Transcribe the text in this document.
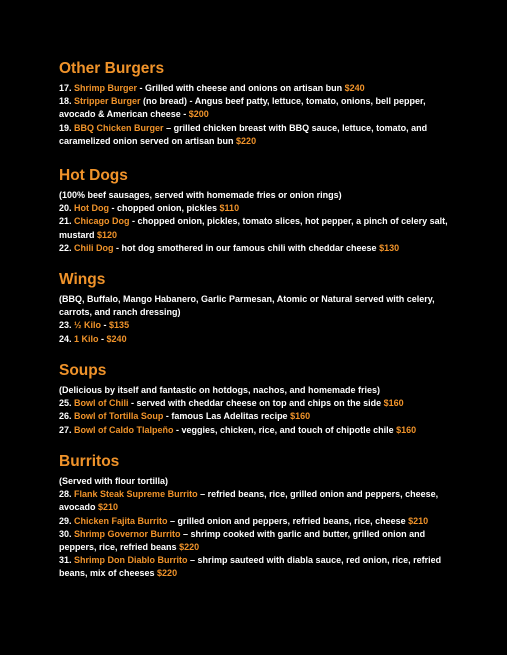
Other Burgers

17. Shrimp Burger - Grilled with cheese and onions on artisan bun $240

18. Stripper Burger (no bread) - Angus beef patty, lettuce, tomato, onions, bell pepper, avocado & American cheese - $200

19. BBQ Chicken Burger – grilled chicken breast with BBQ sauce, lettuce, tomato, and caramelized onion served on artisan bun $220

Hot Dogs

(100% beef sausages, served with homemade fries or onion rings)

20. Hot Dog - chopped onion, pickles $110

21. Chicago Dog - chopped onion, pickles, tomato slices, hot pepper, a pinch of celery salt, mustard $120

22. Chili Dog - hot dog smothered in our famous chili with cheddar cheese $130

Wings

(BBQ, Buffalo, Mango Habanero, Garlic Parmesan, Atomic or Natural served with celery, carrots, and ranch dressing)

23. ½ Kilo - $135

24. 1 Kilo - $240

Soups

(Delicious by itself and fantastic on hotdogs, nachos, and homemade fries)

25. Bowl of Chili - served with cheddar cheese on top and chips on the side $160

26. Bowl of Tortilla Soup - famous Las Adelitas recipe $160

27. Bowl of Caldo Tlalpeño - veggies, chicken, rice, and touch of chipotle chile $160

Burritos

(Served with flour tortilla)

28. Flank Steak Supreme Burrito – refried beans, rice, grilled onion and peppers, cheese, avocado $210

29. Chicken Fajita Burrito – grilled onion and peppers, refried beans, rice, cheese $210

30. Shrimp Governor Burrito – shrimp cooked with garlic and butter, grilled onion and peppers, rice, refried beans $220

31. Shrimp Don Diablo Burrito – shrimp sauteed with diabla sauce, red onion, rice, refried beans, mix of cheeses $220
